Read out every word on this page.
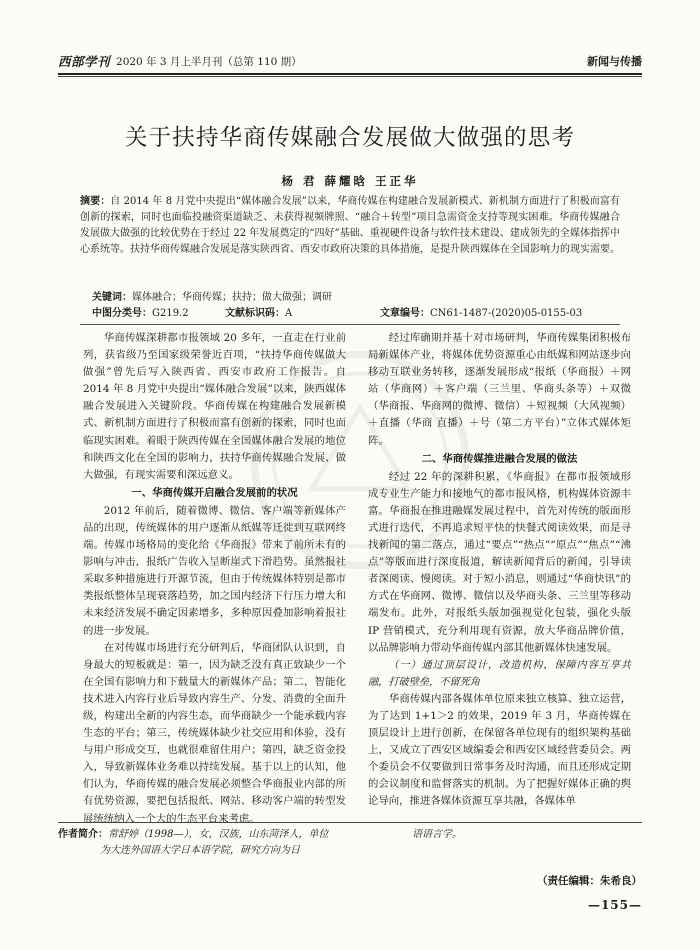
西部学刊 2020 年 3 月上半月刊（总第 110 期）	新闻与传播
关于扶持华商传媒融合发展做大做强的思考
杨 君 薛耀晗 王正华
摘要：自 2014 年 8 月党中央提出“媒体融合发展”以来，华商传媒在构建融合发展新模式、新机制方面进行了积极而富有创新的探索，同时也面临投融资渠道缺乏、未获得视频牌照、“融合＋转型”项目急需资金支持等现实困难。华商传媒融合发展做大做强的比较优势在于经过 22 年发展奠定的“四好”基础、重视硬件设备与软件技术建设、建成领先的全媒体指挥中心系统等。扶持华商传媒融合发展是落实陕西省、西安市政府决策的具体措施，是提升陕西媒体在全国影响力的现实需要。
关键词：媒体融合；华商传媒；扶持；做大做强；调研
中图分类号： G219.2	文献标识码： A	文章编号： CN61-1487-(2020)05-0155-03

华商传媒深耕都市报领域 20 多年，一直走在行业前列，获省级乃至国家级荣誉近百项，“扶持华商传媒做大做强”曾先后写入陕西省、西安市政府工作报告。自 2014 年 8 月党中央提出“媒体融合发展”以来，陕西媒体融合发展进入关键阶段。华商传媒在构建融合发展新模式、新机制方面进行了积极而富有创新的探索，同时也面临现实困难。着眼于陕西传媒在全国媒体融合发展的地位和陕西文化在全国的影响力，扶持华商传媒融合发展、做大做强，有现实需要和深远意义。

一、华商传媒开启融合发展前的状况

2012 年前后，随着微博、微信、客户端等新媒体产品的出现，传统媒体的用户逐渐从纸媒等迁徙到互联网终端。传媒市场格局的变化给《华商报》带来了前所未有的影响与冲击，报纸广告收入呈断崖式下滑趋势。虽然报社采取多种措施进行开源节流，但由于传统媒体特别是都市类报纸整体呈现衰落趋势，加之国内经济下行压力增大和未来经济发展不确定因素增多，多种原因叠加影响着报社的进一步发展。

在对传媒市场进行充分研判后，华商团队认识到，自身最大的短板就是：第一，因为缺乏没有真正致缺少一个在全国有影响力和下载量大的新媒体产品；第二，智能化技术进入内容行业后导致内容生产、分发、消费的全面升级，构建出全新的内容生态，而华商缺少一个能承载内容生态的平台；第三，传统媒体缺少社交应用和体验，没有与用户形成交互，也就很难留住用户；第四，缺乏资金投入，导致新媒体业务难以持续发展。基于以上的认知，他们认为，华商传媒的融合发展必须整合华商报业内部的所有优势资源，要把包括报纸、网站、移动客户端的转型发展统统纳入一个大的生态平台来考虑。

经过库确期并基十对市场研判，华商传媒集团积极布局新媒体产业，将媒体优势资源重心由纸媒和网站逐步向移动互联业务转移，逐渐发展形成“报纸（华商报）＋网站（华商网）＋客户端（三兰里、华商头条等）＋双微（华商报、华商网的微博、微信）＋短视频（大风视频）＋直播（华商 直播）＋号（第二方平台）”立体式媒体矩阵。

二、华商传媒推进融合发展的做法

经过 22 年的深耕积累，《华商报》在都市报领域形成专业生产能力和接地气的都市报风格，机构媒体资源丰富。华商报在推进融媒发展过程中，首先对传统的版面形式进行迭代，不再追求短平快的快餐式阅读效果，而是寻找新闻的第二落点，通过“要点”“热点”“原点”“焦点”“沸点”等版面进行深度报道，解读新闻背后的新闻，引导读者深阅读、慢阅读。对于短小消息，则通过“华商快讯”的方式在华商网、微博、微信以及华商头条、三兰里等移动端发布。此外，对报纸头版加强视觉化包装，强化头版 IP 营销模式，充分利用现有资源，放大华商品牌价值，以品牌影响力带动华商传媒内部其他新媒体快速发展。

（一）通过顶层设计，改造机构，保障内容互享共融，打破壁垒，不留死角

华商传媒内部各媒体单位原来独立核算、独立运营，为了达到 1+1＞2 的效果，2019 年 3 月，华商传媒在顶层设计上进行创新，在保留各单位现有的组织架构基础上，又成立了西安区域编委会和西安区域经营委员会。两个委员会不仅要做到日常事务及时沟通，而且还形成定期的会议制度和监督落实的机制。为了把握好媒体正确的舆论导向，推进各媒体资源互享共融，各媒体单

作者简介：常舒婷（1998—），女，汉族，山东菏泽人，单位
为大连外国语大学日本语学院，研究方向为日
语语言学。
（责任编辑：朱希良）
—155—
